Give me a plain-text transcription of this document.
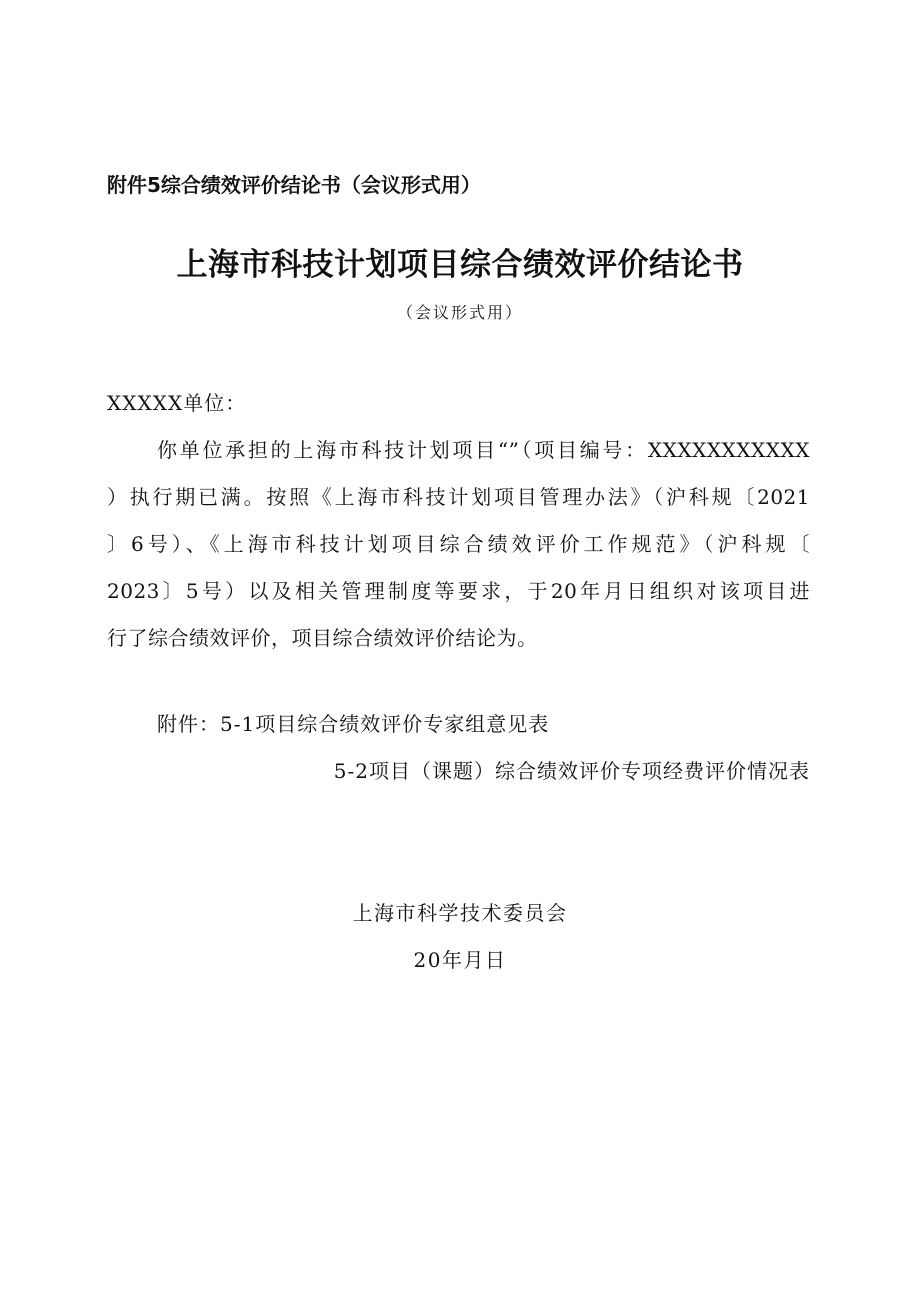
附件5综合绩效评价结论书（会议形式用）
上海市科技计划项目综合绩效评价结论书
（会议形式用）
XXXXX单位：
你单位承担的上海市科技计划项目“”（项目编号：XXXXXXXXXXX
）执行期已满。按照《上海市科技计划项目管理办法》（沪科规〔2021
〕6号）、《上海市科技计划项目综合绩效评价工作规范》（沪科规〔
2023〕5号）以及相关管理制度等要求，于20年月日组织对该项目进
行了综合绩效评价，项目综合绩效评价结论为。
附件：5-1项目综合绩效评价专家组意见表
5-2项目（课题）综合绩效评价专项经费评价情况表
上海市科学技术委员会
20年月日
